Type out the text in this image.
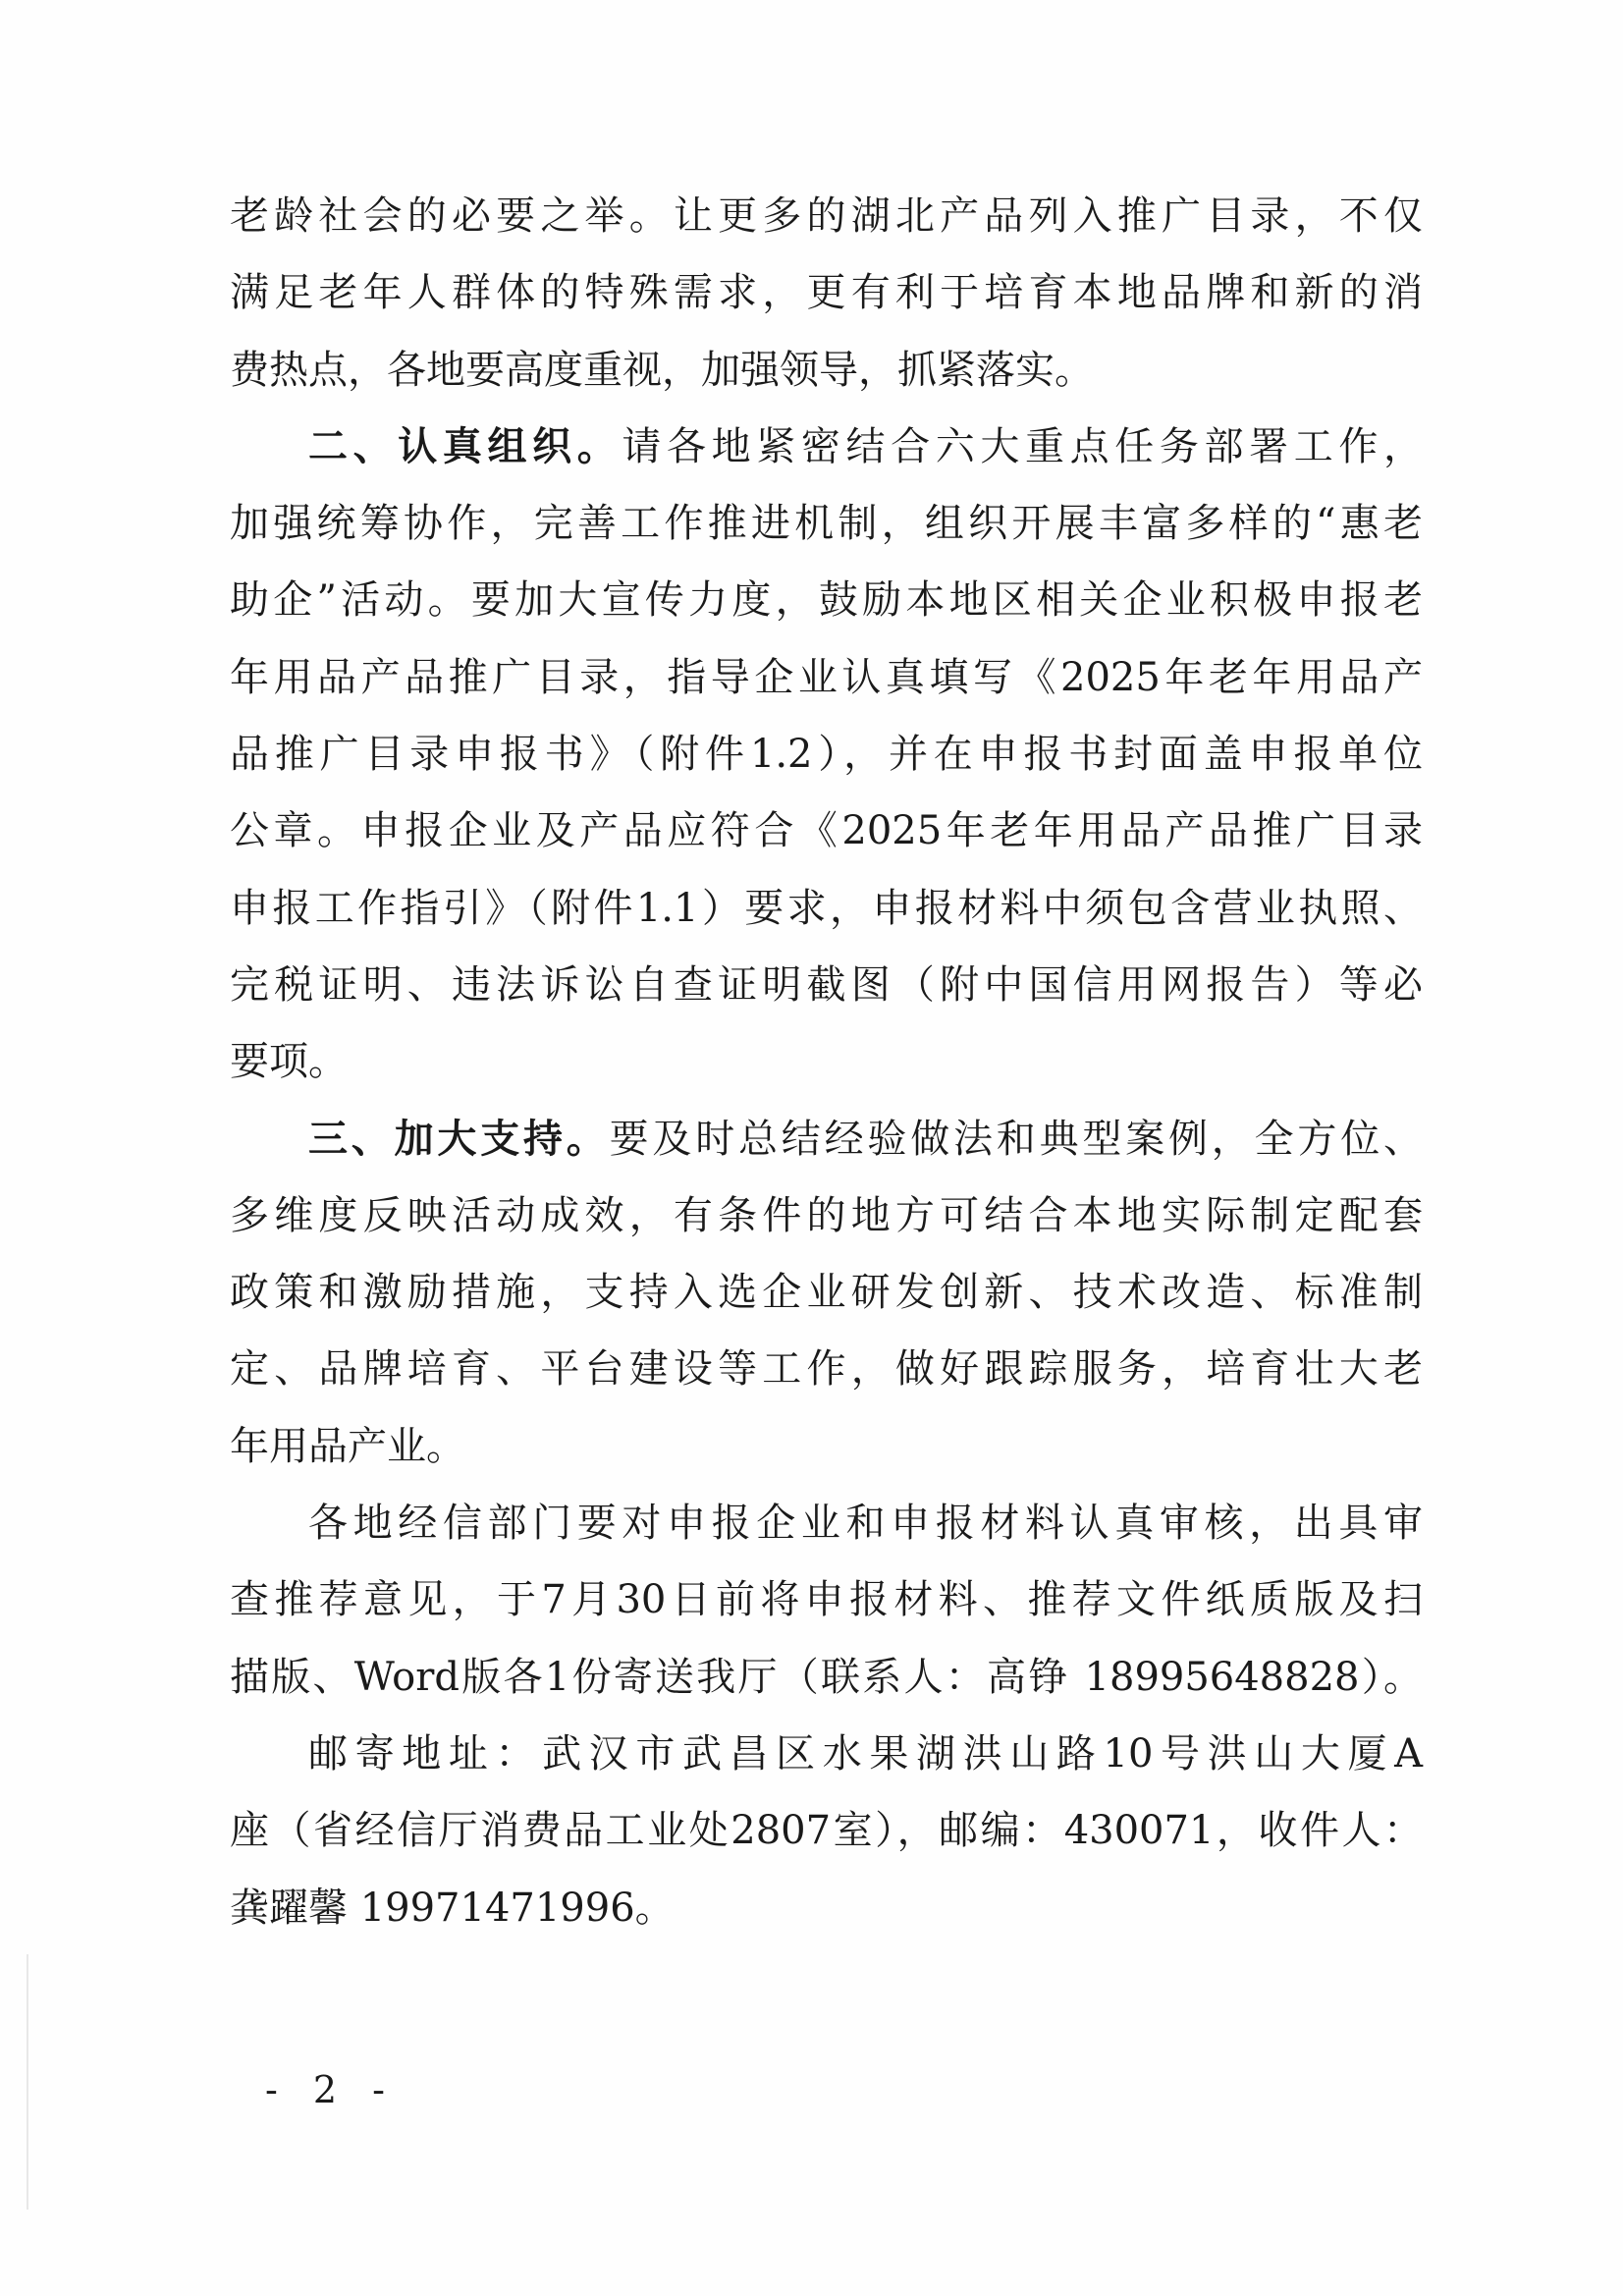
老龄社会的必要之举。让更多的湖北产品列入推广目录，不仅
满足老年人群体的特殊需求，更有利于培育本地品牌和新的消
费热点，各地要高度重视，加强领导，抓紧落实。
二、认真组织。请各地紧密结合六大重点任务部署工作，
加强统筹协作，完善工作推进机制，组织开展丰富多样的“惠老
助企”活动。要加大宣传力度，鼓励本地区相关企业积极申报老
年用品产品推广目录，指导企业认真填写《2025年老年用品产
品推广目录申报书》（附件1.2），并在申报书封面盖申报单位
公章。申报企业及产品应符合《2025年老年用品产品推广目录
申报工作指引》（附件1.1）要求，申报材料中须包含营业执照、
完税证明、违法诉讼自查证明截图（附中国信用网报告）等必
要项。
三、加大支持。要及时总结经验做法和典型案例，全方位、
多维度反映活动成效，有条件的地方可结合本地实际制定配套
政策和激励措施，支持入选企业研发创新、技术改造、标准制
定、品牌培育、平台建设等工作，做好跟踪服务，培育壮大老
年用品产业。
各地经信部门要对申报企业和申报材料认真审核，出具审
查推荐意见，于7月30日前将申报材料、推荐文件纸质版及扫
描版、Word版各1份寄送我厅（联系人：高铮 18995648828）。
邮寄地址：武汉市武昌区水果湖洪山路10号洪山大厦A
座（省经信厅消费品工业处2807室），邮编：430071，收件人：
龚躍馨 19971471996。
- 2 -
